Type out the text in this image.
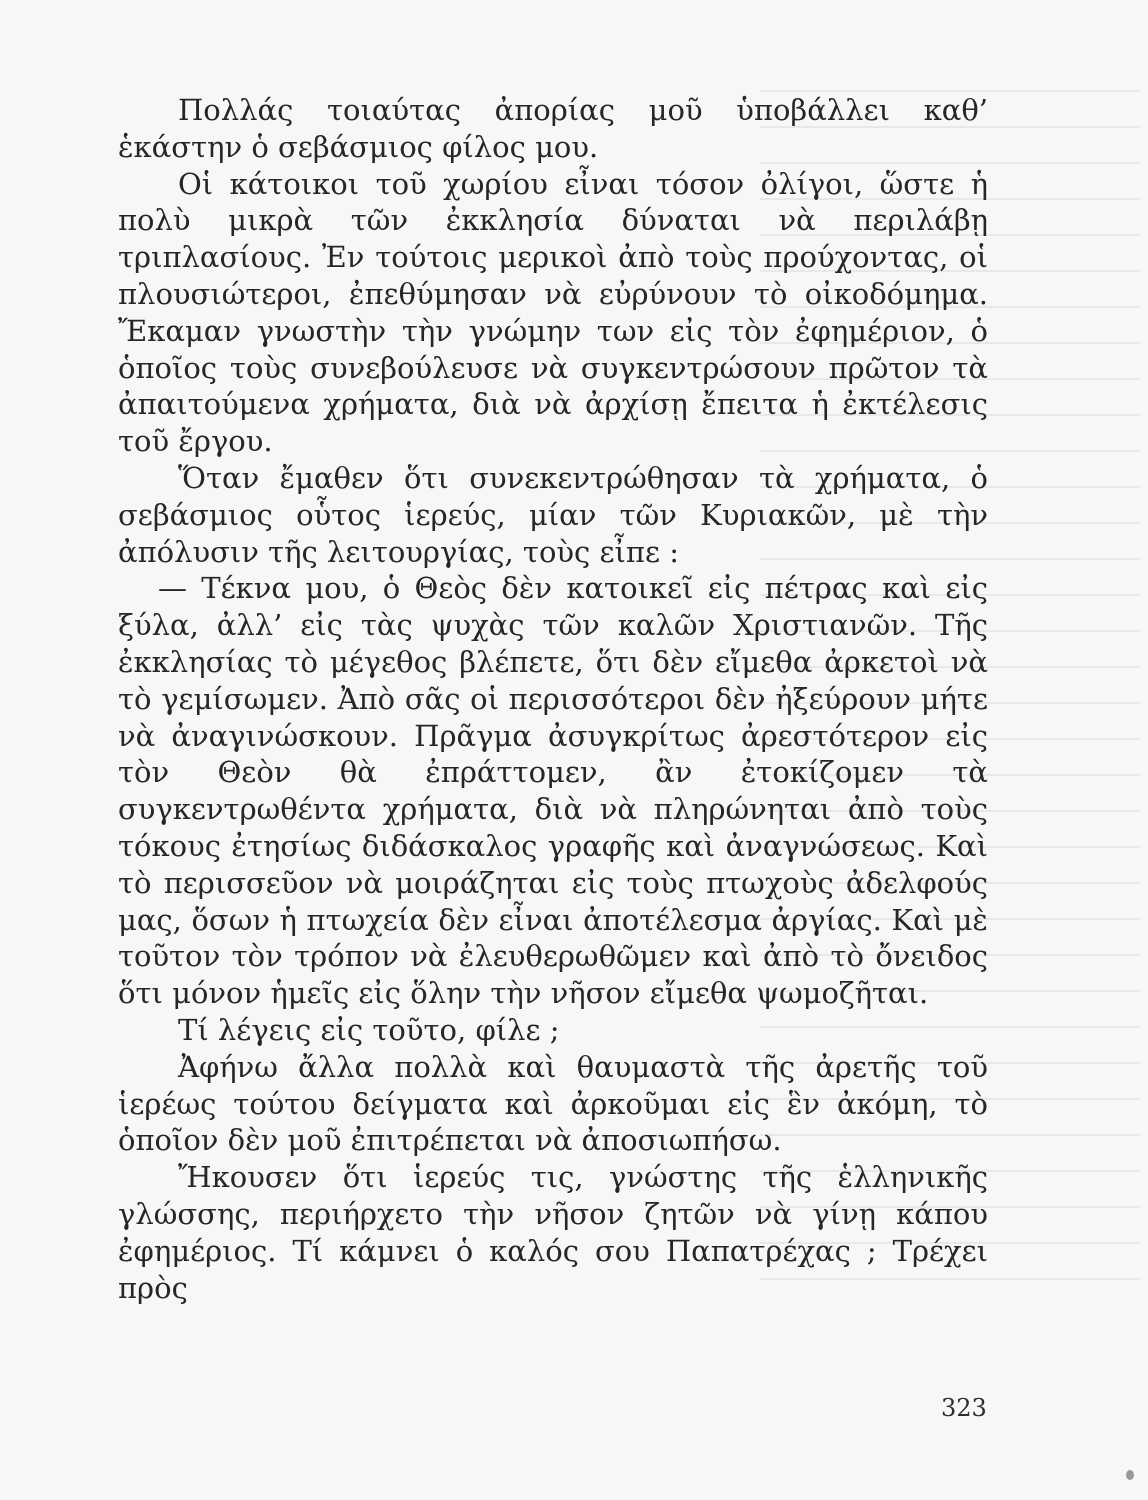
Πολλάς τοιαύτας ἀπορίας μοῦ ὑποβάλλει καθ’ ἑκάστην ὁ σεβάσμιος φίλος μου.

Οἱ κάτοικοι τοῦ χωρίου εἶναι τόσον ὀλίγοι, ὥστε ἡ πολὺ μικρὰ τῶν ἐκκλησία δύναται νὰ περιλάβῃ τριπλασίους. Ἐν τούτοις μερικοὶ ἀπὸ τοὺς προύχοντας, οἱ πλουσιώτεροι, ἐπεθύμησαν νὰ εὐρύνουν τὸ οἰκοδόμημα. Ἔκαμαν γνωστὴν τὴν γνώμην των εἰς τὸν ἐφημέριον, ὁ ὁποῖος τοὺς συνεβούλευσε νὰ συγκεντρώσουν πρῶτον τὰ ἀπαιτούμενα χρήματα, διὰ νὰ ἀρχίσῃ ἔπειτα ἡ ἐκτέλεσις τοῦ ἔργου.

Ὅταν ἔμαθεν ὅτι συνεκεντρώθησαν τὰ χρήματα, ὁ σεβάσμιος οὗτος ἱερεύς, μίαν τῶν Κυριακῶν, μὲ τὴν ἀπόλυσιν τῆς λειτουργίας, τοὺς εἶπε :

— Τέκνα μου, ὁ Θεὸς δὲν κατοικεῖ εἰς πέτρας καὶ εἰς ξύλα, ἀλλ’ εἰς τὰς ψυχὰς τῶν καλῶν Χριστιανῶν. Τῆς ἐκκλησίας τὸ μέγεθος βλέπετε, ὅτι δὲν εἴμεθα ἀρκετοὶ νὰ τὸ γεμίσωμεν. Ἀπὸ σᾶς οἱ περισσότεροι δὲν ἠξεύρουν μήτε νὰ ἀναγινώσκουν. Πρᾶγμα ἀσυγκρίτως ἀρεστότερον εἰς τὸν Θεὸν θὰ ἐπράττομεν, ἂν ἐτοκίζομεν τὰ συγκεντρωθέντα χρήματα, διὰ νὰ πληρώνηται ἀπὸ τοὺς τόκους ἐτησίως διδάσκαλος γραφῆς καὶ ἀναγνώσεως. Καὶ τὸ περισσεῦον νὰ μοιράζηται εἰς τοὺς πτωχοὺς ἀδελφούς μας, ὅσων ἡ πτωχεία δὲν εἶναι ἀποτέλεσμα ἀργίας. Καὶ μὲ τοῦτον τὸν τρόπον νὰ ἐλευθερωθῶμεν καὶ ἀπὸ τὸ ὄνειδος ὅτι μόνον ἡμεῖς εἰς ὅλην τὴν νῆσον εἴμεθα ψωμοζῆται.

Τί λέγεις εἰς τοῦτο, φίλε ;

Ἀφήνω ἄλλα πολλὰ καὶ θαυμαστὰ τῆς ἀρετῆς τοῦ ἱερέως τούτου δείγματα καὶ ἀρκοῦμαι εἰς ἓν ἀκόμη, τὸ ὁποῖον δὲν μοῦ ἐπιτρέπεται νὰ ἀποσιωπήσω.

Ἤκουσεν ὅτι ἱερεύς τις, γνώστης τῆς ἑλληνικῆς γλώσσης, περιήρχετο τὴν νῆσον ζητῶν νὰ γίνῃ κάπου ἐφημέριος. Τί κάμνει ὁ καλός σου Παπατρέχας ; Τρέχει πρὸς

323
